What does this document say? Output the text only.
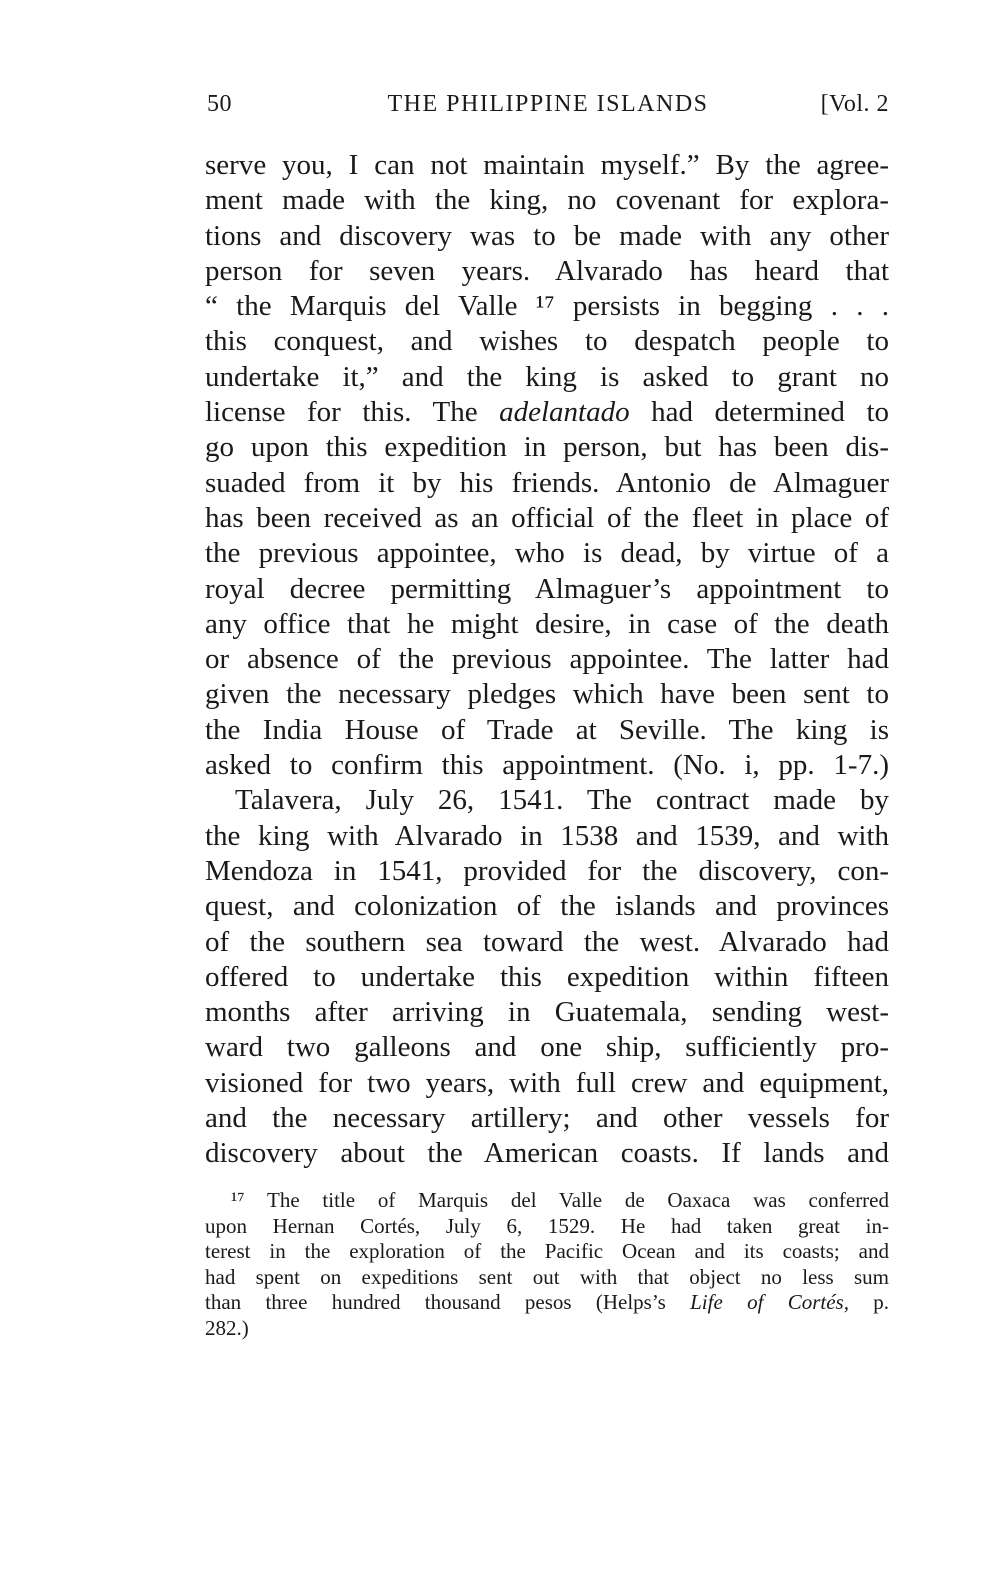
50	THE PHILIPPINE ISLANDS	[Vol. 2

serve you, I can not maintain myself.” By the agree-

ment made with the king, no covenant for explora-

tions and discovery was to be made with any other

person for seven years. Alvarado has heard that

“ the Marquis del Valle ¹⁷ persists in begging . . .

this conquest, and wishes to despatch people to

undertake it,” and the king is asked to grant no

license for this. The adelantado had determined to

go upon this expedition in person, but has been dis-

suaded from it by his friends. Antonio de Almaguer

has been received as an official of the fleet in place of

the previous appointee, who is dead, by virtue of a

royal decree permitting Almaguer’s appointment to

any office that he might desire, in case of the death

or absence of the previous appointee. The latter had

given the necessary pledges which have been sent to

the India House of Trade at Seville. The king is

asked to confirm this appointment. (No. i, pp. 1-7.)

Talavera, July 26, 1541. The contract made by

the king with Alvarado in 1538 and 1539, and with

Mendoza in 1541, provided for the discovery, con-

quest, and colonization of the islands and provinces

of the southern sea toward the west. Alvarado had

offered to undertake this expedition within fifteen

months after arriving in Guatemala, sending west-

ward two galleons and one ship, sufficiently pro-

visioned for two years, with full crew and equipment,

and the necessary artillery; and other vessels for

discovery about the American coasts. If lands and

¹⁷ The title of Marquis del Valle de Oaxaca was conferred

upon Hernan Cortés, July 6, 1529. He had taken great in-

terest in the exploration of the Pacific Ocean and its coasts; and

had spent on expeditions sent out with that object no less sum

than three hundred thousand pesos (Helps’s Life of Cortés, p.

282.)
